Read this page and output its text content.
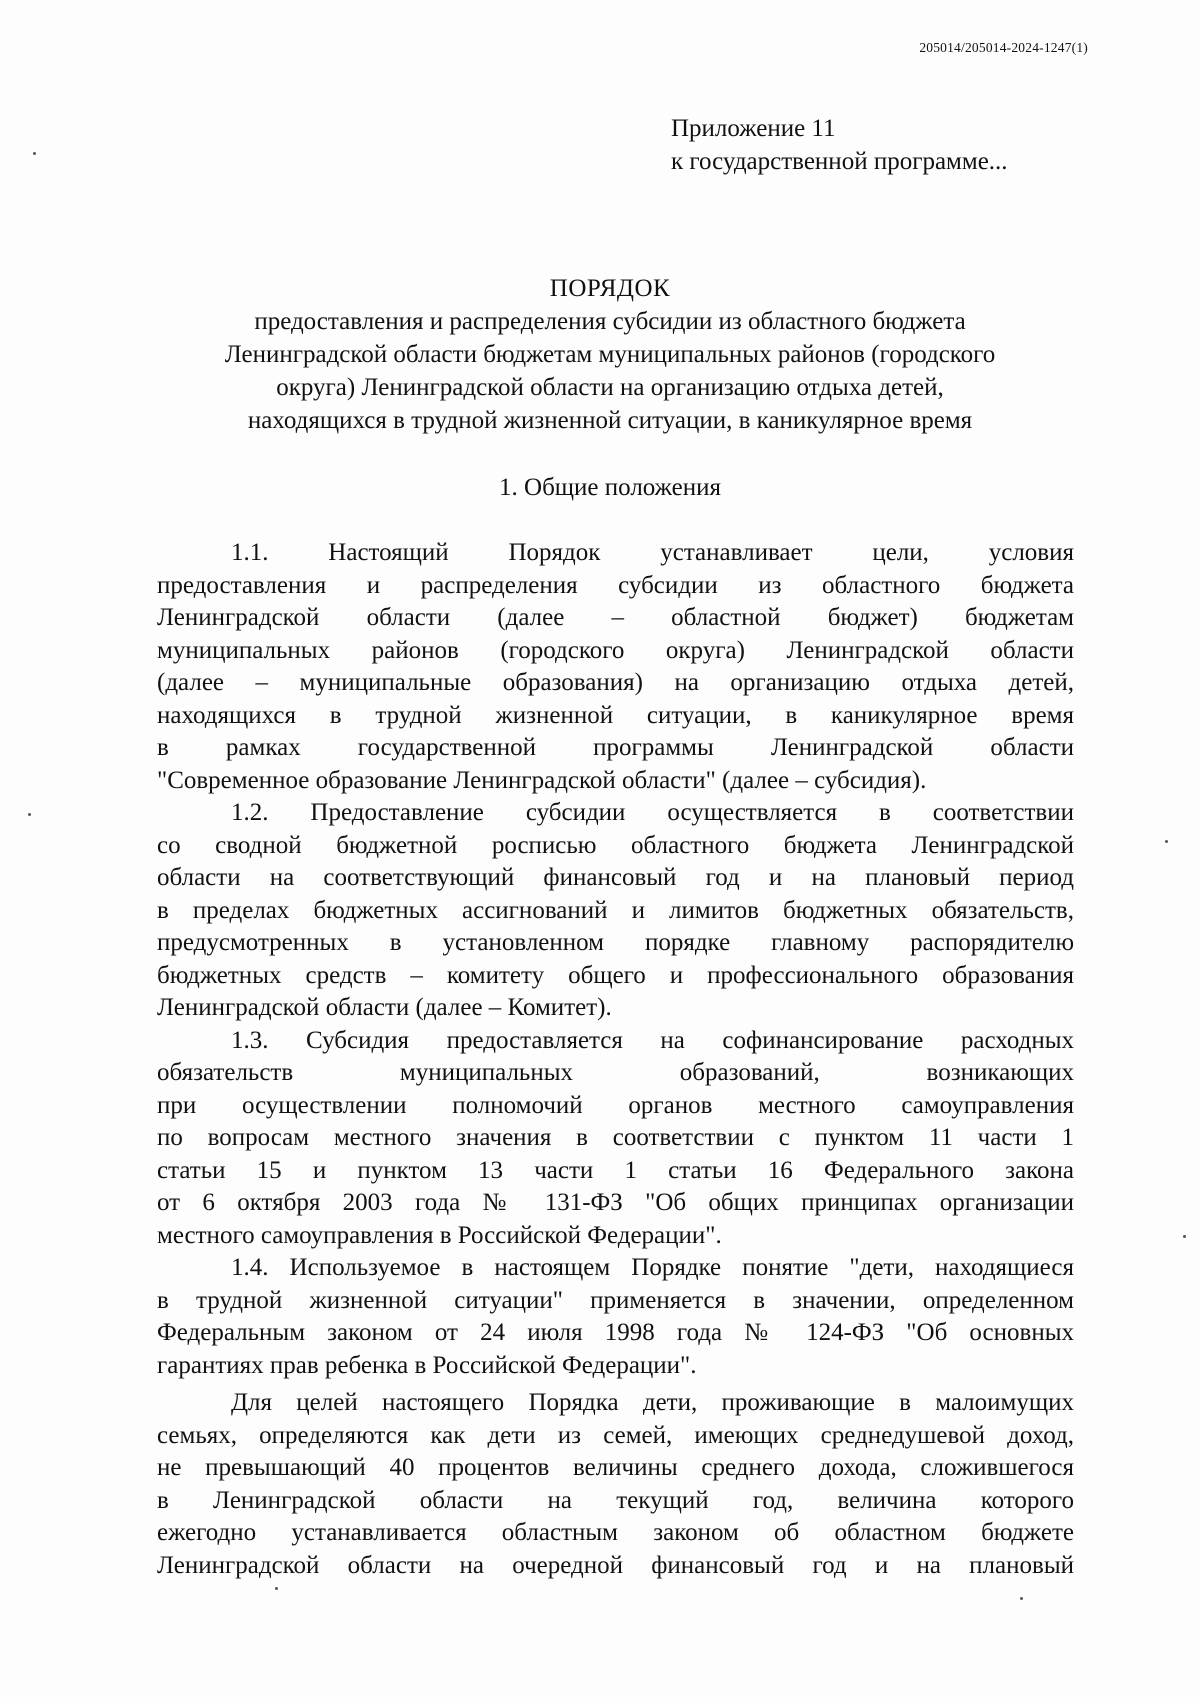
205014/205014-2024-1247(1)
Приложение 11
к государственной программе...
ПОРЯДОК
предоставления и распределения субсидии из областного бюджета
Ленинградской области бюджетам муниципальных районов (городского
округа) Ленинградской области на организацию отдыха детей,
находящихся в трудной жизненной ситуации, в каникулярное время
1. Общие положения
1.1. Настоящий Порядок устанавливает цели, условия
предоставления и распределения субсидии из областного бюджета
Ленинградской области (далее – областной бюджет) бюджетам
муниципальных районов (городского округа) Ленинградской области
(далее – муниципальные образования) на организацию отдыха детей,
находящихся в трудной жизненной ситуации, в каникулярное время
в рамках государственной программы Ленинградской области
"Современное образование Ленинградской области" (далее – субсидия).
1.2. Предоставление субсидии осуществляется в соответствии
со сводной бюджетной росписью областного бюджета Ленинградской
области на соответствующий финансовый год и на плановый период
в пределах бюджетных ассигнований и лимитов бюджетных обязательств,
предусмотренных в установленном порядке главному распорядителю
бюджетных средств – комитету общего и профессионального образования
Ленинградской области (далее – Комитет).
1.3. Субсидия предоставляется на софинансирование расходных
обязательств муниципальных образований, возникающих
при осуществлении полномочий органов местного самоуправления
по вопросам местного значения в соответствии с пунктом 11 части 1
статьи 15 и пунктом 13 части 1 статьи 16 Федерального закона
от 6 октября 2003 года № 131-ФЗ "Об общих принципах организации
местного самоуправления в Российской Федерации".
1.4. Используемое в настоящем Порядке понятие "дети, находящиеся
в трудной жизненной ситуации" применяется в значении, определенном
Федеральным законом от 24 июля 1998 года № 124-ФЗ "Об основных
гарантиях прав ребенка в Российской Федерации".
Для целей настоящего Порядка дети, проживающие в малоимущих
семьях, определяются как дети из семей, имеющих среднедушевой доход,
не превышающий 40 процентов величины среднего дохода, сложившегося
в Ленинградской области на текущий год, величина которого
ежегодно устанавливается областным законом об областном бюджете
Ленинградской области на очередной финансовый год и на плановый
